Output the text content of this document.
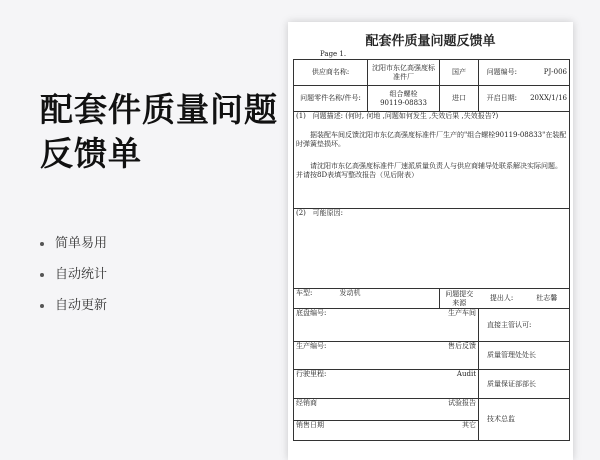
配套件质量问题反馈单
简单易用
自动统计
自动更新
配套件质量问题反馈单
Page 1.
供应商名称:		沈阳市东亿高强度标准件厂	国产	问题编号:	PJ-006
问题零件名称/件号:		组合螺栓
90119-08833	进口	开启日期:	20XX/1/16

(1) 问题描述: (何时, 何地 ,问题如何发生 ,失效后果 ,失效报告?)

据装配车间反馈沈阳市东亿高强度标准件厂生产的"组合螺栓90119-08833"在装配时弹簧垫损坏。

请沈阳市东亿高强度标准件厂速派质量负责人与供应商辅导处联系解决实际问题。并请按8D表填写整改报告（见后附表）					

(2) 可能原因:					

车型:	发动机		问题提交来源	提出人:	杜志馨
底盘编号:		生产车间		直接主管认可:	
生产编号:		售后反馈		质量管理处处长	
行驶里程:		Audit		质量保证部部长	
经销商		试验报告		技术总监	
销售日期		其它			
